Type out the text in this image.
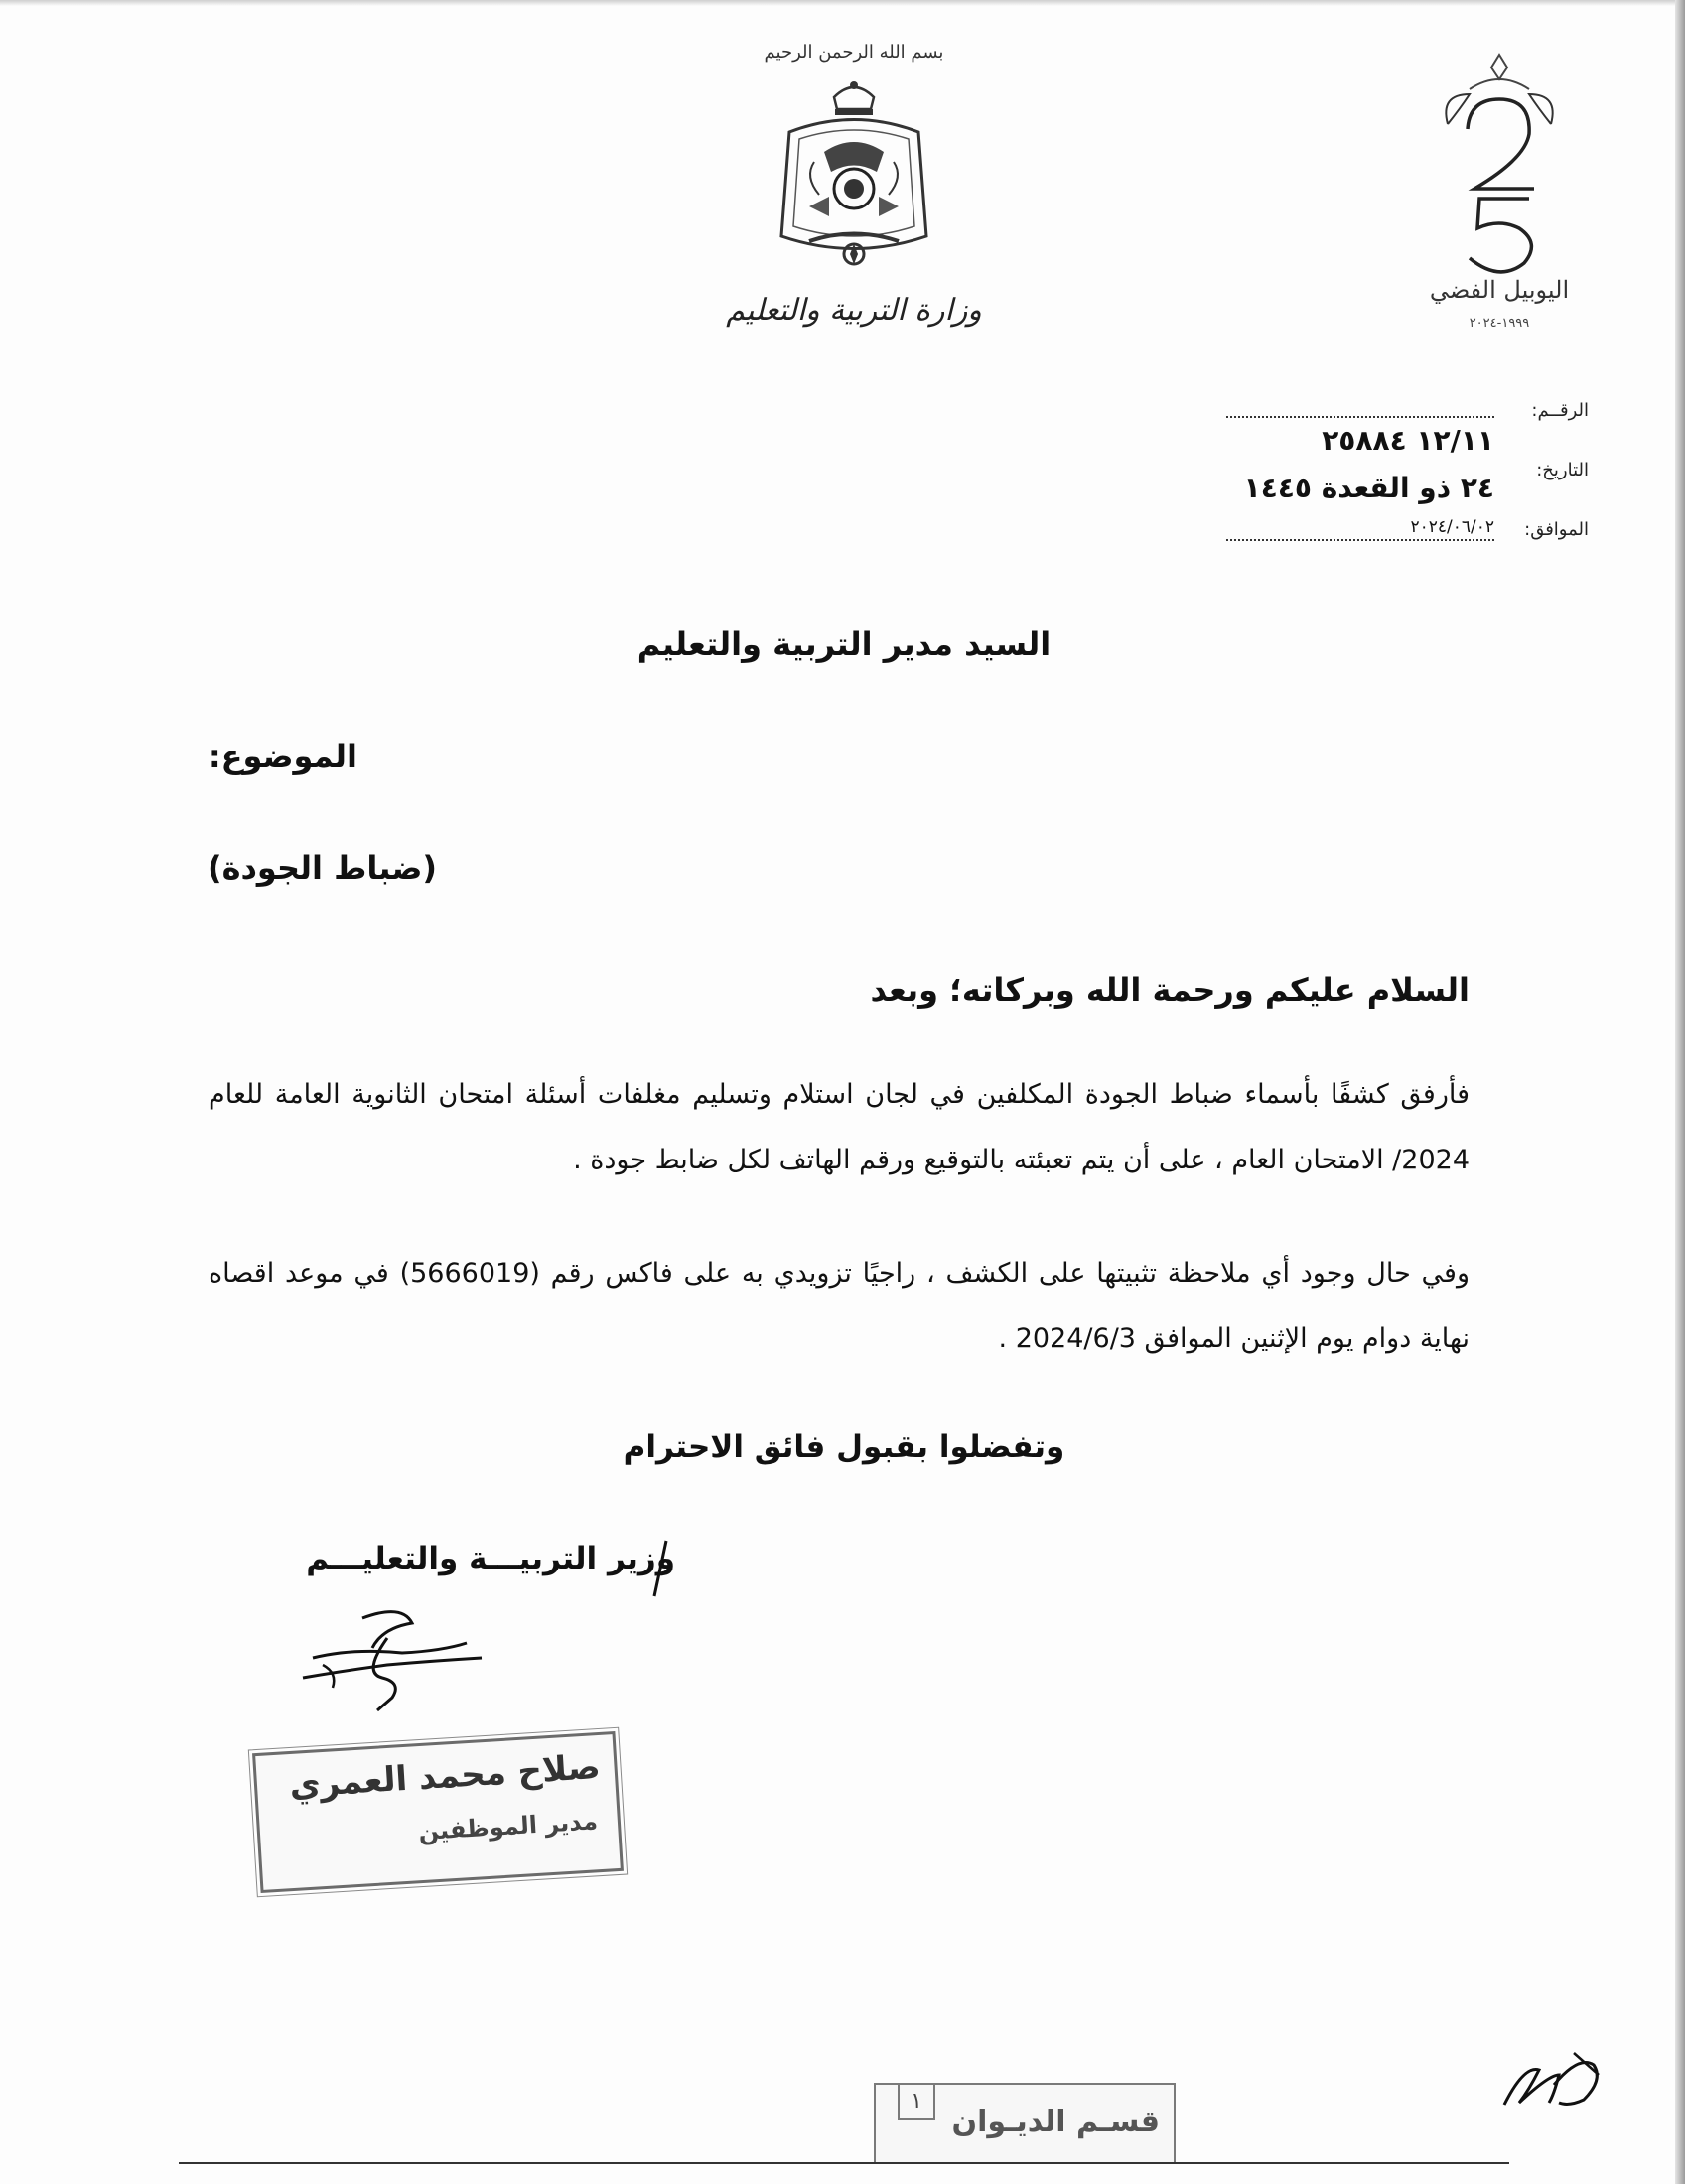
بسم الله الرحمن الرحيم
وزارة التربية والتعليم
اليوبيل الفضي
١٩٩٩-٢٠٢٤
الرقــم:
١٢/١١ ٢٥٨٨٤
التاريخ:
٢٤ ذو القعدة ١٤٤٥
الموافق:
٢٠٢٤/٠٦/٠٢
السيد مدير التربية والتعليم
الموضوع:
(ضباط الجودة)
السلام عليكم ورحمة الله وبركاته؛ وبعد
فأرفق كشفًا بأسماء ضباط الجودة المكلفين في لجان استلام وتسليم مغلفات أسئلة امتحان الثانوية العامة للعام 2024/ الامتحان العام ، على أن يتم تعبئته بالتوقيع ورقم الهاتف لكل ضابط جودة .
وفي حال وجود أي ملاحظة تثبيتها على الكشف ، راجيًا تزويدي به على فاكس رقم (5666019) في موعد اقصاه نهاية دوام يوم الإثنين الموافق 2024/6/3 .
وتفضلوا بقبول فائق الاحترام
وزير التربيـــة والتعليـــم
صلاح محمد العمري
مدير الموظفين
قسـم الديـوان
١
